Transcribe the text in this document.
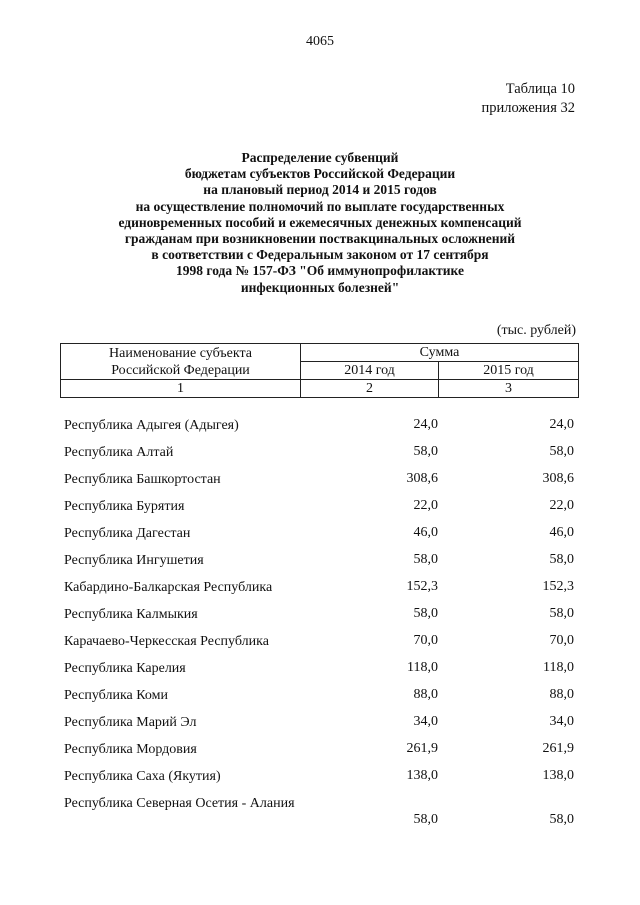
4065
Таблица 10
приложения 32
Распределение субвенций
бюджетам субъектов Российской Федерации
на плановый период 2014 и 2015 годов
на осуществление полномочий по выплате государственных
единовременных пособий и ежемесячных денежных компенсаций
гражданам при возникновении поствакцинальных осложнений
в соответствии с Федеральным законом от 17 сентября
1998 года № 157-ФЗ "Об иммунопрофилактике
инфекционных болезней"
(тыс. рублей)
Наименование субъекта
Российской Федерации	Сумма	
	2014 год	2015 год
1	2	3
Республика Адыгея (Адыгея)	24,0	24,0
Республика Алтай	58,0	58,0
Республика Башкортостан	308,6	308,6
Республика Бурятия	22,0	22,0
Республика Дагестан	46,0	46,0
Республика Ингушетия	58,0	58,0
Кабардино-Балкарская Республика	152,3	152,3
Республика Калмыкия	58,0	58,0
Карачаево-Черкесская Республика	70,0	70,0
Республика Карелия	118,0	118,0
Республика Коми	88,0	88,0
Республика Марий Эл	34,0	34,0
Республика Мордовия	261,9	261,9
Республика Саха (Якутия)	138,0	138,0
Республика Северная Осетия - Алания
58,0	58,0
